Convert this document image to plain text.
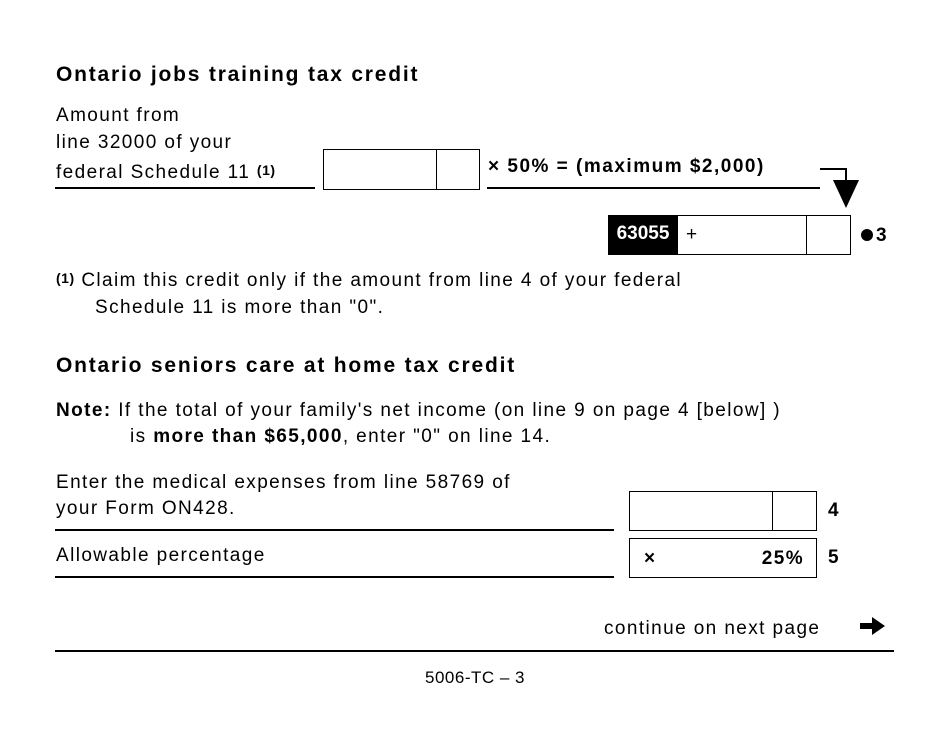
Ontario jobs training tax credit
Amount from
line 32000 of your
federal Schedule 11 (1)	× 50% = (maximum $2,000)
63055 +	3
(1) Claim this credit only if the amount from line 4 of your federal
Schedule 11 is more than "0".
Ontario seniors care at home tax credit
Note: If the total of your family's net income (on line 9 on page 4 [below] )
is more than $65,000, enter "0" on line 14.
Enter the medical expenses from line 58769 of
your Form ON428.	4
Allowable percentage	×	25% 5
continue on next page
5006-TC – 3
